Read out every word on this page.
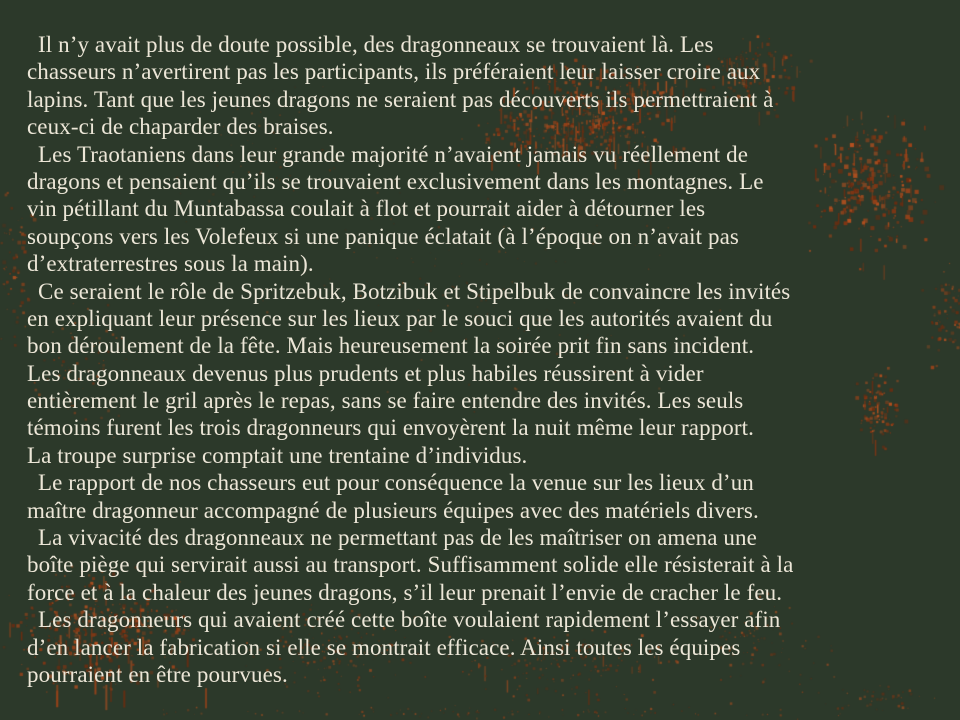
Il n’y avait plus de doute possible, des dragonneaux se trouvaient là. Les
chasseurs n’avertirent pas les participants, ils préféraient leur laisser croire aux
lapins. Tant que les jeunes dragons ne seraient pas découverts ils permettraient à
ceux-ci de chaparder des braises.
Les Traotaniens dans leur grande majorité n’avaient jamais vu réellement de
dragons et pensaient qu’ils se trouvaient exclusivement dans les montagnes. Le
vin pétillant du Muntabassa coulait à flot et pourrait aider à détourner les
soupçons vers les Volefeux si une panique éclatait (à l’époque on n’avait pas
d’extraterrestres sous la main).
Ce seraient le rôle de Spritzebuk, Botzibuk et Stipelbuk de convaincre les invités
en expliquant leur présence sur les lieux par le souci que les autorités avaient du
bon déroulement de la fête. Mais heureusement la soirée prit fin sans incident.
Les dragonneaux devenus plus prudents et plus habiles réussirent à vider
entièrement le gril après le repas, sans se faire entendre des invités. Les seuls
témoins furent les trois dragonneurs qui envoyèrent la nuit même leur rapport.
La troupe surprise comptait une trentaine d’individus.
Le rapport de nos chasseurs eut pour conséquence la venue sur les lieux d’un
maître dragonneur accompagné de plusieurs équipes avec des matériels divers.
La vivacité des dragonneaux ne permettant pas de les maîtriser on amena une
boîte piège qui servirait aussi au transport. Suffisamment solide elle résisterait à la
force et à la chaleur des jeunes dragons, s’il leur prenait l’envie de cracher le feu.
Les dragonneurs qui avaient créé cette boîte voulaient rapidement l’essayer afin
d’en lancer la fabrication si elle se montrait efficace. Ainsi toutes les équipes
pourraient en être pourvues.
